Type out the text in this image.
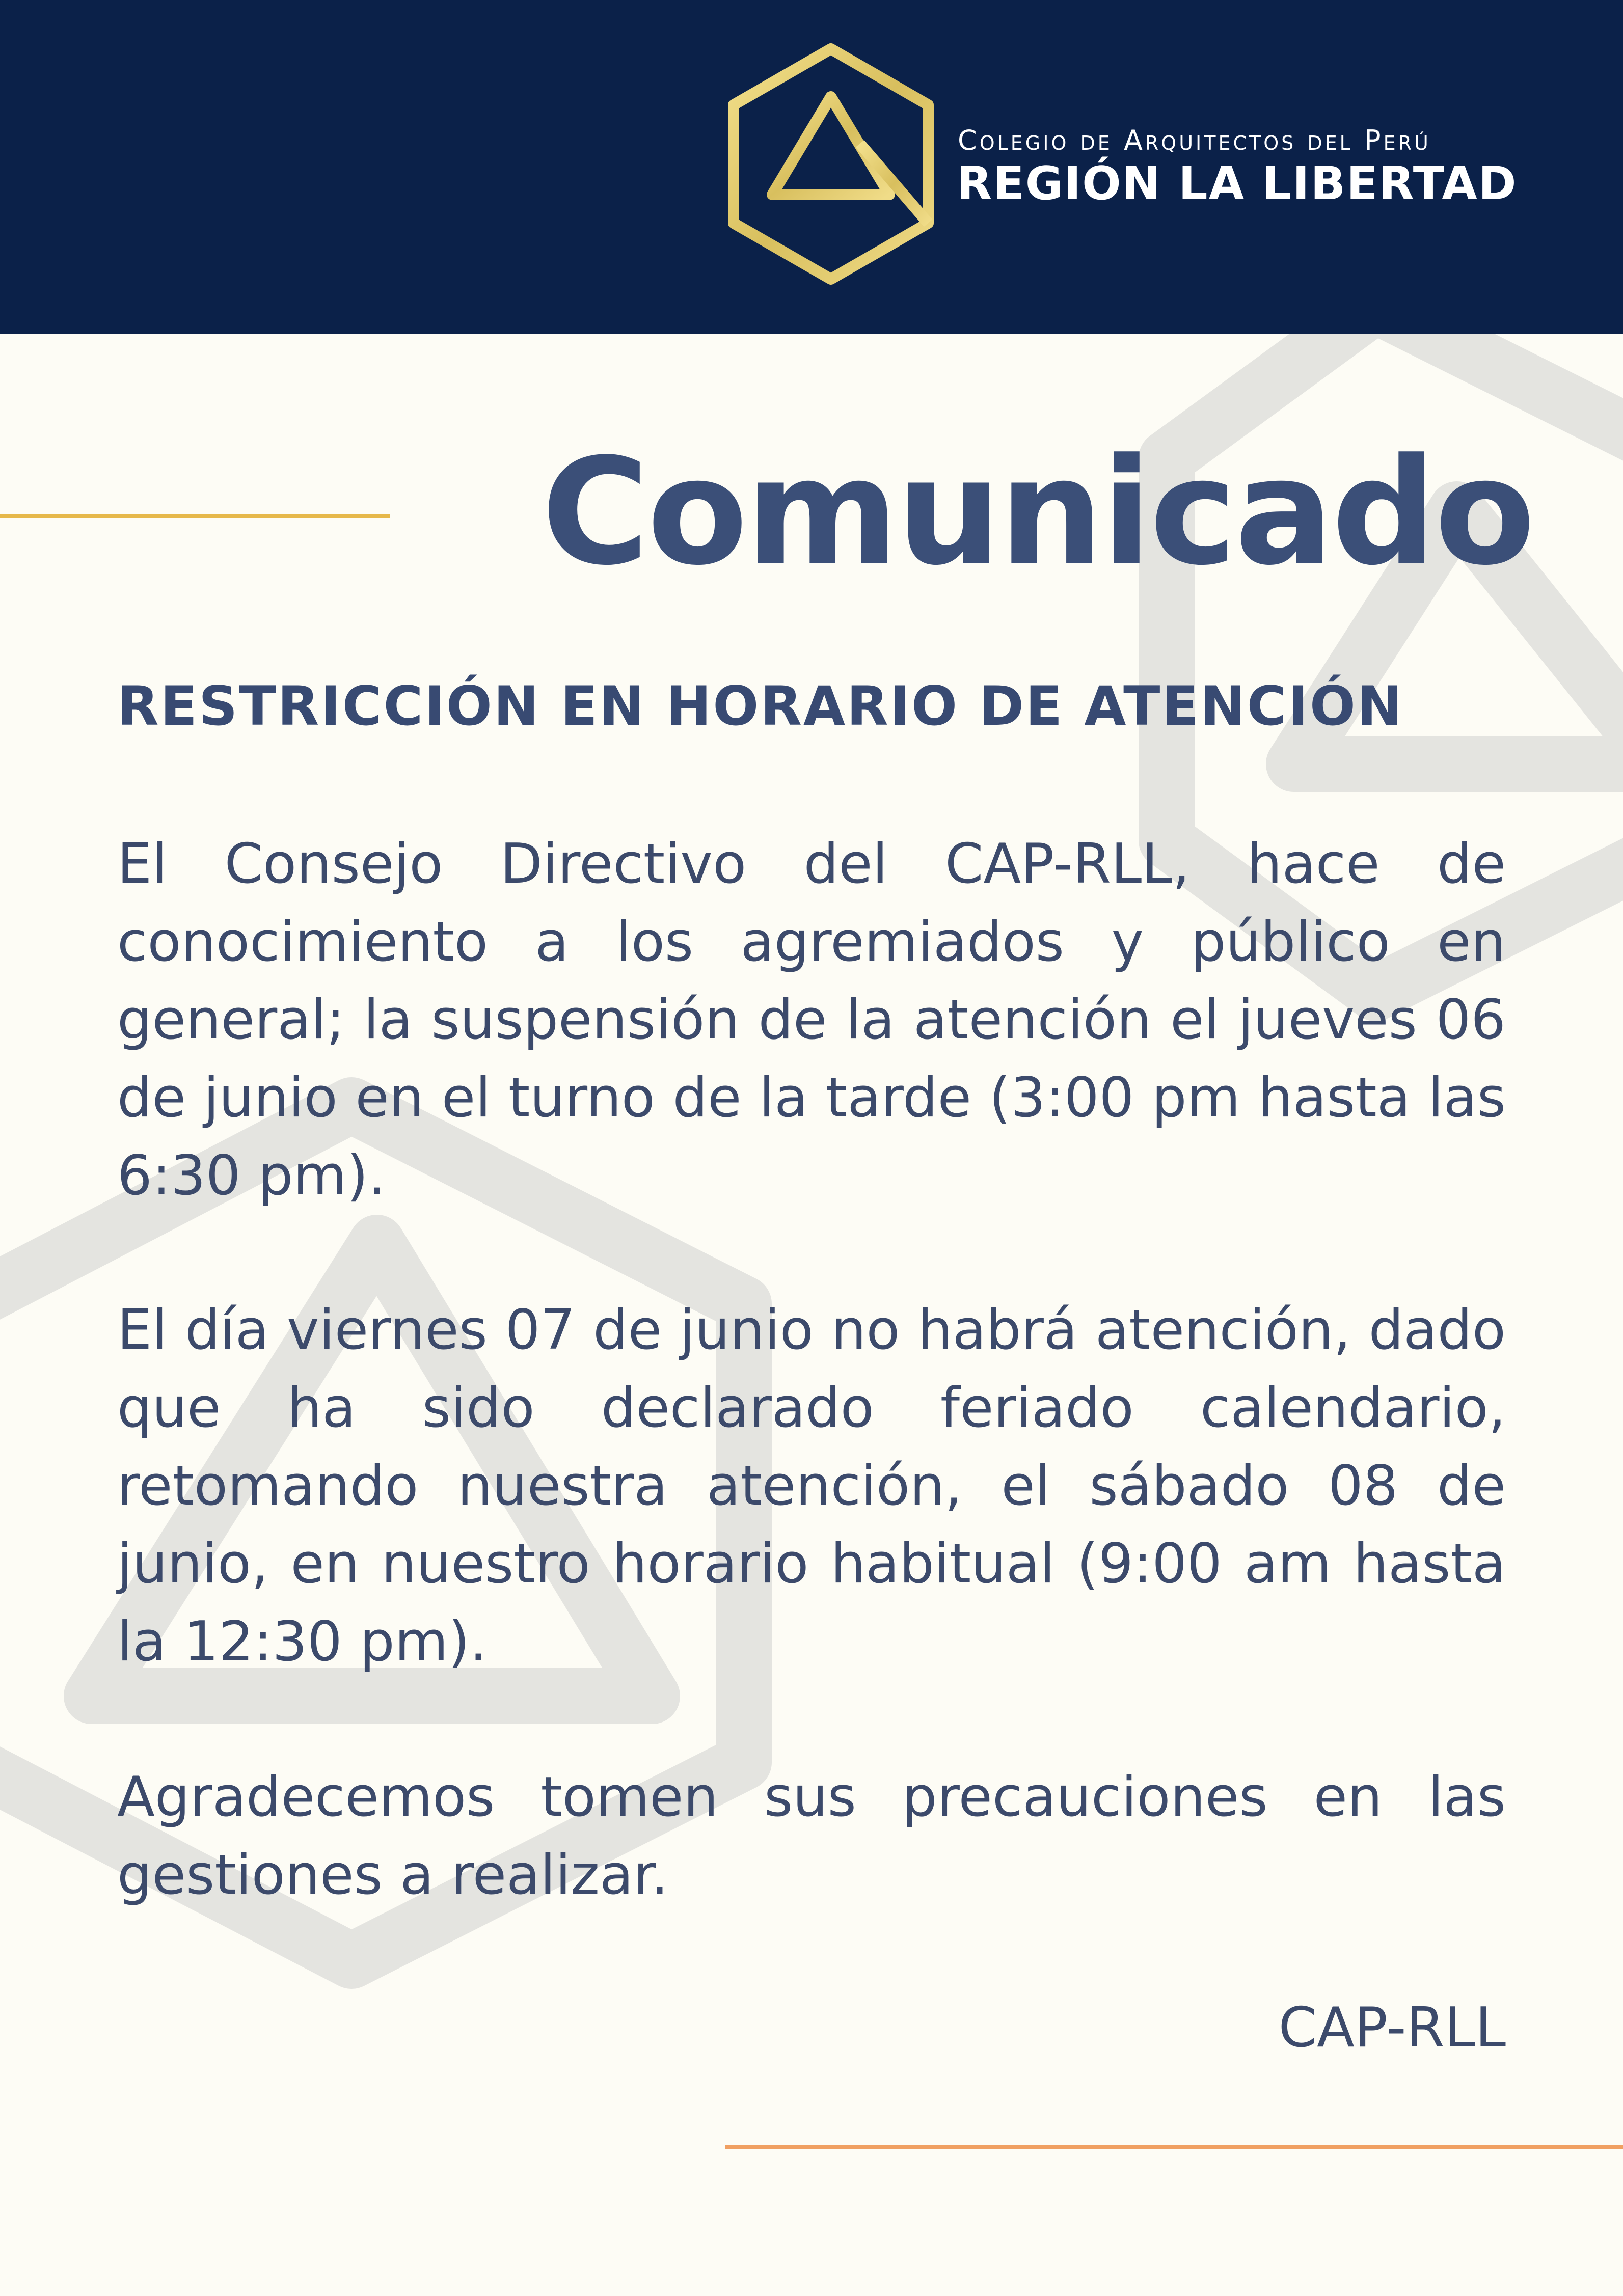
Colegio de Arquitectos del Perú
REGIÓN LA LIBERTAD
Comunicado
RESTRICCIÓN EN HORARIO DE ATENCIÓN

El Consejo Directivo del CAP-RLL, hace de conocimiento a los agremiados y público en general; la suspensión de la atención el jueves 06 de junio en el turno de la tarde (3:00 pm hasta las 6:30 pm).

El día viernes 07 de junio no habrá atención, dado que ha sido declarado feriado calendario, retomando nuestra atención, el sábado 08 de junio, en nuestro horario habitual (9:00 am hasta la 12:30 pm).

Agradecemos tomen sus precauciones en las gestiones a realizar.

CAP-RLL
